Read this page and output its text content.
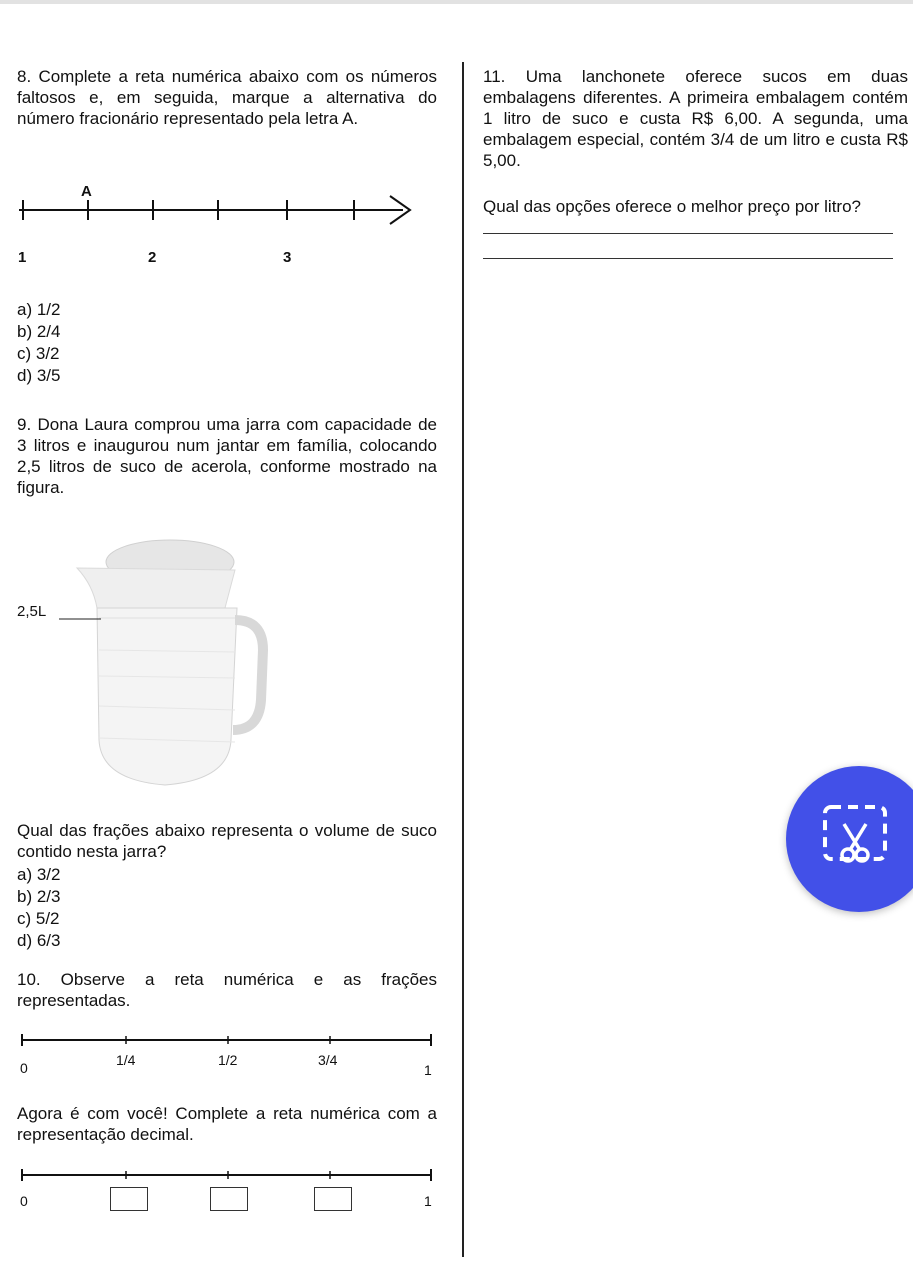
8. Complete a reta numérica abaixo com os números faltosos e, em seguida, marque a alternativa do número fracionário representado pela letra A.

A
1	2	3
a) 1/2
b) 2/4
c) 3/2
d) 3/5

9. Dona Laura comprou uma jarra com capacidade de 3 litros e inaugurou num jantar em família, colocando 2,5 litros de suco de acerola, conforme mostrado na figura.

2,5L

Qual das frações abaixo representa o volume de suco contido nesta jarra?

a) 3/2
b) 2/3
c) 5/2
d) 6/3

10. Observe a reta numérica e as frações representadas.

0	1/4	1/2	3/4
1

Agora é com você! Complete a reta numérica com a representação decimal.

0	1

11. Uma lanchonete oferece sucos em duas embalagens diferentes. A primeira embalagem contém 1 litro de suco e custa R$ 6,00. A segunda, uma embalagem especial, contém 3/4 de um litro e custa R$ 5,00.

Qual das opções oferece o melhor preço por litro?
